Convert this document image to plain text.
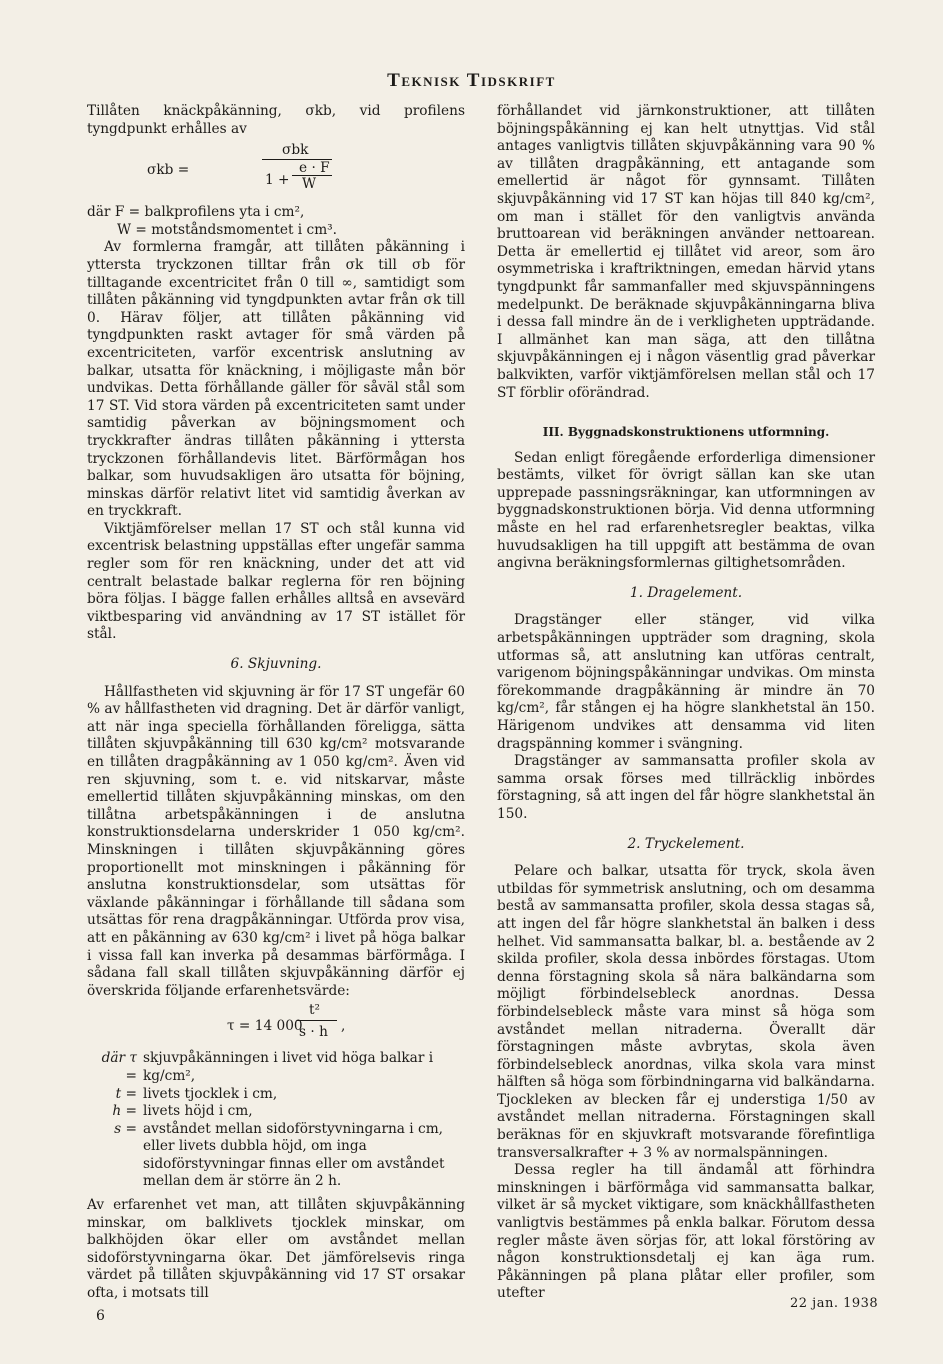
Teknisk Tidskrift

Tillåten knäckpåkänning, σkb, vid profilens tyngdpunkt erhålles av

σkb =
σbk
1 +
e · F
W

där F = balkprofilens yta i cm²,

W = motståndsmomentet i cm³.

Av formlerna framgår, att tillåten påkänning i yttersta tryckzonen tilltar från σk till σb för tilltagande excentricitet från 0 till ∞, samtidigt som tillåten påkänning vid tyngdpunkten avtar från σk till 0. Härav följer, att tillåten påkänning vid tyngdpunkten raskt avtager för små värden på excentriciteten, varför excentrisk anslutning av balkar, utsatta för knäckning, i möjligaste mån bör undvikas. Detta förhållande gäller för såväl stål som 17 ST. Vid stora värden på excentriciteten samt under samtidig påverkan av böjningsmoment och tryckkrafter ändras tillåten påkänning i yttersta tryckzonen förhållandevis litet. Bärförmågan hos balkar, som huvudsakligen äro utsatta för böjning, minskas därför relativt litet vid samtidig åverkan av en tryckkraft.

Viktjämförelser mellan 17 ST och stål kunna vid excentrisk belastning uppställas efter ungefär samma regler som för ren knäckning, under det att vid centralt belastade balkar reglerna för ren böjning böra följas. I bägge fallen erhålles alltså en avsevärd viktbesparing vid användning av 17 ST istället för stål.

6. Skjuvning.

Hållfastheten vid skjuvning är för 17 ST ungefär 60 % av hållfastheten vid dragning. Det är därför vanligt, att när inga speciella förhållanden föreligga, sätta tillåten skjuvpåkänning till 630 kg/cm² motsvarande en tillåten dragpåkänning av 1 050 kg/cm². Även vid ren skjuvning, som t. e. vid nitskarvar, måste emellertid tillåten skjuvpåkänning minskas, om den tillåtna arbetspåkänningen i de anslutna konstruktionsdelarna underskrider 1 050 kg/cm². Minskningen i tillåten skjuvpåkänning göres proportionellt mot minskningen i påkänning för anslutna konstruktionsdelar, som utsättas för växlande påkänningar i förhållande till sådana som utsättas för rena dragpåkänningar. Utförda prov visa, att en påkänning av 630 kg/cm² i livet på höga balkar i vissa fall kan inverka på desammas bärförmåga. I sådana fall skall tillåten skjuvpåkänning därför ej överskrida följande erfarenhetsvärde:

τ = 14 000
t²
s · h ,
där τ =
skjuvpåkänningen i livet vid höga balkar i kg/cm²,
t = livets tjocklek i cm,
h = livets höjd i cm,
s = avståndet mellan sidoförstyvningarna i cm, eller livets dubbla höjd, om inga sidoförstyvningar finnas eller om avståndet mellan dem är större än 2 h.

Av erfarenhet vet man, att tillåten skjuvpåkänning minskar, om balklivets tjocklek minskar, om balkhöjden ökar eller om avståndet mellan sidoförstyvningarna ökar. Det jämförelsevis ringa värdet på tillåten skjuvpåkänning vid 17 ST orsakar ofta, i motsats till

förhållandet vid järnkonstruktioner, att tillåten böjningspåkänning ej kan helt utnyttjas. Vid stål antages vanligtvis tillåten skjuvpåkänning vara 90 % av tillåten dragpåkänning, ett antagande som emellertid är något för gynnsamt. Tillåten skjuvpåkänning vid 17 ST kan höjas till 840 kg/cm², om man i stället för den vanligtvis använda bruttoarean vid beräkningen använder nettoarean. Detta är emellertid ej tillåtet vid areor, som äro osymmetriska i kraftriktningen, emedan härvid ytans tyngdpunkt får sammanfaller med skjuvspänningens medelpunkt. De beräknade skjuvpåkänningarna bliva i dessa fall mindre än de i verkligheten uppträdande. I allmänhet kan man säga, att den tillåtna skjuvpåkänningen ej i någon väsentlig grad påverkar balkvikten, varför viktjämförelsen mellan stål och 17 ST förblir oförändrad.

III. Byggnadskonstruktionens utformning.

Sedan enligt föregående erforderliga dimensioner bestämts, vilket för övrigt sällan kan ske utan upprepade passningsräkningar, kan utformningen av byggnadskonstruktionen börja. Vid denna utformning måste en hel rad erfarenhetsregler beaktas, vilka huvudsakligen ha till uppgift att bestämma de ovan angivna beräkningsformlernas giltighetsområden.

1. Dragelement.

Dragstänger eller stänger, vid vilka arbetspåkänningen uppträder som dragning, skola utformas så, att anslutning kan utföras centralt, varigenom böjningspåkänningar undvikas. Om minsta förekommande dragpåkänning är mindre än 70 kg/cm², får stången ej ha högre slankhetstal än 150. Härigenom undvikes att densamma vid liten dragspänning kommer i svängning.

Dragstänger av sammansatta profiler skola av samma orsak förses med tillräcklig inbördes förstagning, så att ingen del får högre slankhetstal än 150.

2. Tryckelement.

Pelare och balkar, utsatta för tryck, skola även utbildas för symmetrisk anslutning, och om desamma bestå av sammansatta profiler, skola dessa stagas så, att ingen del får högre slankhetstal än balken i dess helhet. Vid sammansatta balkar, bl. a. bestående av 2 skilda profiler, skola dessa inbördes förstagas. Utom denna förstagning skola så nära balkändarna som möjligt förbindelsebleck anordnas. Dessa förbindelsebleck måste vara minst så höga som avståndet mellan nitraderna. Överallt där förstagningen måste avbrytas, skola även förbindelsebleck anordnas, vilka skola vara minst hälften så höga som förbindningarna vid balkändarna. Tjockleken av blecken får ej understiga 1/50 av avståndet mellan nitraderna. Förstagningen skall beräknas för en skjuvkraft motsvarande förefintliga transversalkrafter + 3 % av normalspänningen.

Dessa regler ha till ändamål att förhindra minskningen i bärförmåga vid sammansatta balkar, vilket är så mycket viktigare, som knäckhållfastheten vanligtvis bestämmes på enkla balkar. Förutom dessa regler måste även sörjas för, att lokal förstöring av någon konstruktionsdetalj ej kan äga rum. Påkänningen på plana plåtar eller profiler, som utefter

6
22 jan. 1938
